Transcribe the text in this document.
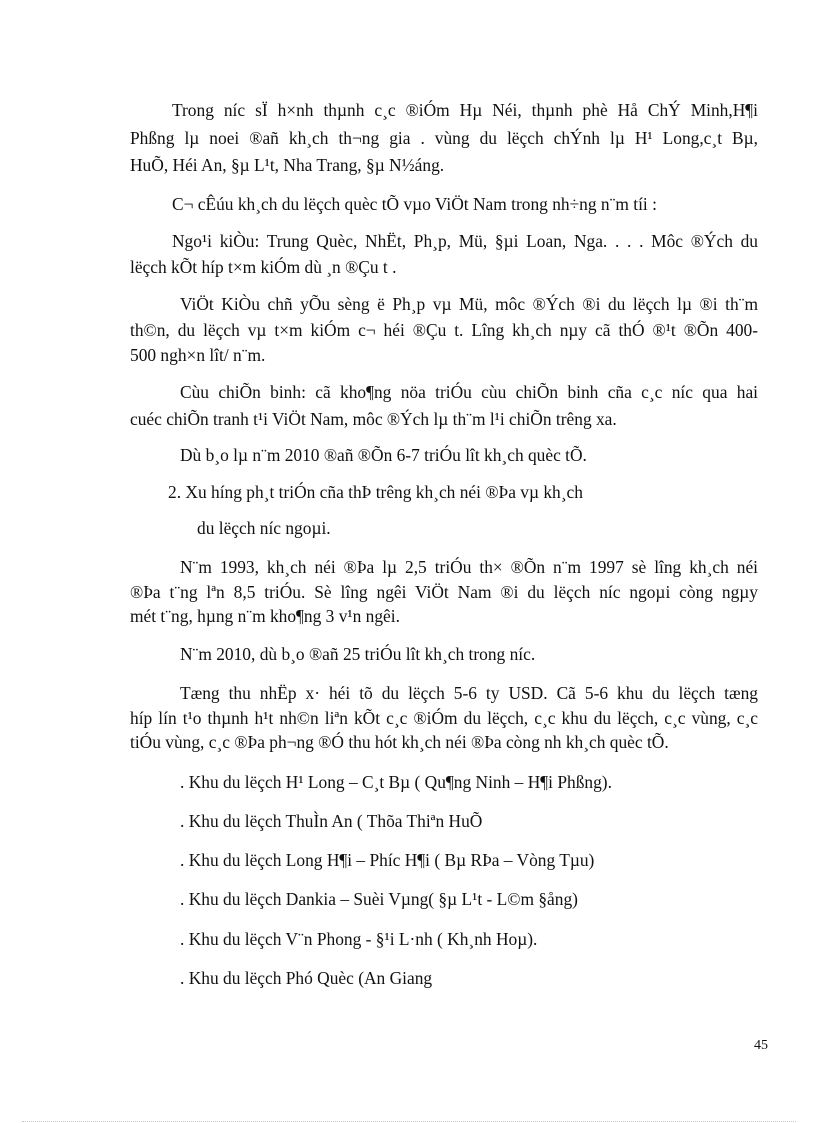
Trong níc sÏ h×nh thµnh c¸c ®iÓm Hµ Néi, thµnh phè Hå ChÝ Minh,H¶i
Phßng lµ noei ®añ kh¸ch th¬ng gia . vùng du lëçch chÝnh lµ H¹ Long,c¸t Bµ,
HuÕ, Héi An, §µ L¹t, Nha Trang, §µ N½áng.
C¬ cÊúu kh¸ch du lëçch quèc tÕ vµo ViÖt Nam trong nh÷ng n¨m tíi :
Ngo¹i kiÒu: Trung Quèc, NhËt, Ph¸p, Mü, §µi Loan, Nga. . . . Môc ®Ých du
lëçch kÕt híp t×m kiÓm dù ¸n ®Çu t .
ViÖt KiÒu chñ yÕu sèng ë Ph¸p vµ Mü, môc ®Ých ®i du lëçch lµ ®i th¨m
th©n, du lëçch vµ t×m kiÓm c¬ héi ®Çu t. Lîng kh¸ch nµy cã thÓ ®¹t ®Õn 400-
500 ngh×n lît/ n¨m.
Cùu chiÕn binh: cã kho¶ng nöa triÓu cùu chiÕn binh cña c¸c níc qua hai
cuéc chiÕn tranh t¹i ViÖt Nam, môc ®Ých lµ th¨m l¹i chiÕn trêng xa.
Dù b¸o lµ n¨m 2010 ®añ ®Õn 6-7 triÓu lît kh¸ch quèc tÕ.
2. Xu híng ph¸t triÓn cña thÞ trêng kh¸ch néi ®Þa vµ kh¸ch
du lëçch níc ngoµi.
N¨m 1993, kh¸ch néi ®Þa lµ 2,5 triÓu th× ®Õn n¨m 1997 sè lîng kh¸ch néi
®Þa t¨ng lªn 8,5 triÓu. Sè lîng ngêi ViÖt Nam ®i du lëçch níc ngoµi còng ngµy
mét t¨ng, hµng n¨m kho¶ng 3 v¹n ngêi.
N¨m 2010, dù b¸o ®añ 25 triÓu lît kh¸ch trong níc.
Tæng thu nhËp x· héi tõ du lëçch 5-6 ty USD. Cã 5-6 khu du lëçch tæng
híp lín t¹o thµnh h¹t nh©n liªn kÕt c¸c ®iÓm du lëçch, c¸c khu du lëçch, c¸c vùng, c¸c
tiÓu vùng, c¸c ®Þa ph¬ng ®Ó thu hót kh¸ch néi ®Þa còng nh kh¸ch quèc tÕ.
. Khu du lëçch H¹ Long – C¸t Bµ ( Qu¶ng Ninh – H¶i Phßng).
. Khu du lëçch ThuÌn An ( Thõa Thiªn HuÕ
. Khu du lëçch Long H¶i – Phíc H¶i ( Bµ RÞa – Vòng Tµu)
. Khu du lëçch Dankia – Suèi Vµng( §µ L¹t - L©m §ång)
. Khu du lëçch V¨n Phong - §¹i L·nh ( Kh¸nh Hoµ).
. Khu du lëçch Phó Quèc (An Giang
45
